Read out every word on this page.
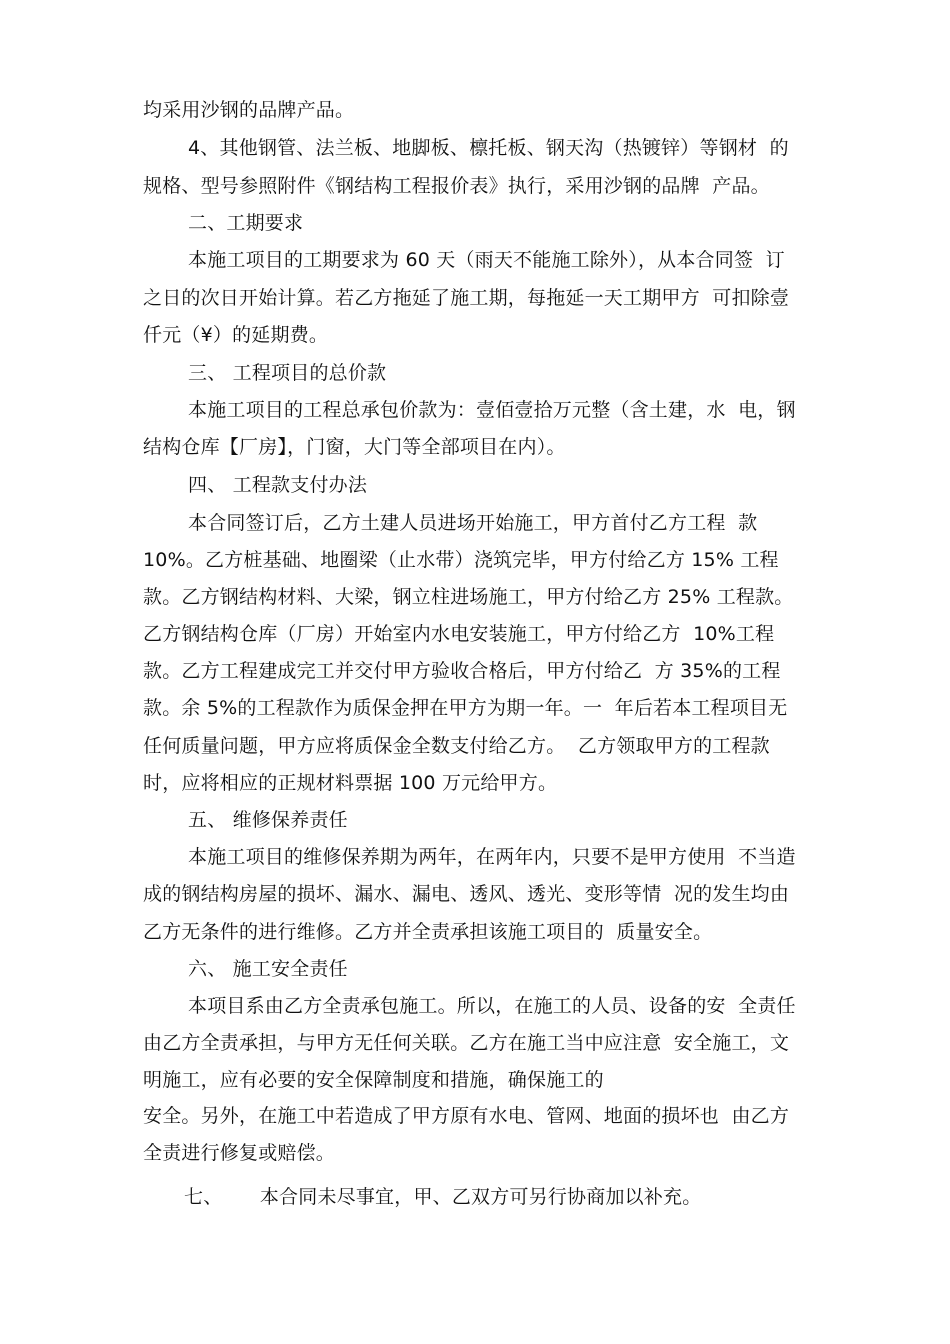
均采用沙钢的品牌产品。
4、其他钢管、法兰板、地脚板、檩托板、钢天沟（热镀锌）等钢材  的
规格、型号参照附件《钢结构工程报价表》执行，采用沙钢的品牌  产品。
二、工期要求
本施工项目的工期要求为 60 天（雨天不能施工除外），从本合同签  订
之日的次日开始计算。若乙方拖延了施工期，每拖延一天工期甲方  可扣除壹
仟元（¥）的延期费。
三、 工程项目的总价款
本施工项目的工程总承包价款为：壹佰壹拾万元整（含土建，水  电，钢
结构仓库【厂房】，门窗，大门等全部项目在内）。
四、 工程款支付办法
本合同签订后，乙方土建人员进场开始施工，甲方首付乙方工程  款
10%。乙方桩基础、地圈梁（止水带）浇筑完毕，甲方付给乙方 15% 工程
款。乙方钢结构材料、大梁，钢立柱进场施工，甲方付给乙方 25% 工程款。
乙方钢结构仓库（厂房）开始室内水电安装施工，甲方付给乙方  10%工程
款。乙方工程建成完工并交付甲方验收合格后，甲方付给乙  方 35%的工程
款。余 5%的工程款作为质保金押在甲方为期一年。一  年后若本工程项目无
任何质量问题，甲方应将质保金全数支付给乙方。  乙方领取甲方的工程款
时，应将相应的正规材料票据 100 万元给甲方。
五、 维修保养责任
本施工项目的维修保养期为两年，在两年内，只要不是甲方使用  不当造
成的钢结构房屋的损坏、漏水、漏电、透风、透光、变形等情  况的发生均由
乙方无条件的进行维修。乙方并全责承担该施工项目的  质量安全。
六、 施工安全责任
本项目系由乙方全责承包施工。所以，在施工的人员、设备的安  全责任
由乙方全责承担，与甲方无任何关联。乙方在施工当中应注意  安全施工，文
明施工，应有必要的安全保障制度和措施，确保施工的
安全。另外，在施工中若造成了甲方原有水电、管网、地面的损坏也  由乙方
全责进行修复或赔偿。
七、      本合同未尽事宜，甲、乙双方可另行协商加以补充。
